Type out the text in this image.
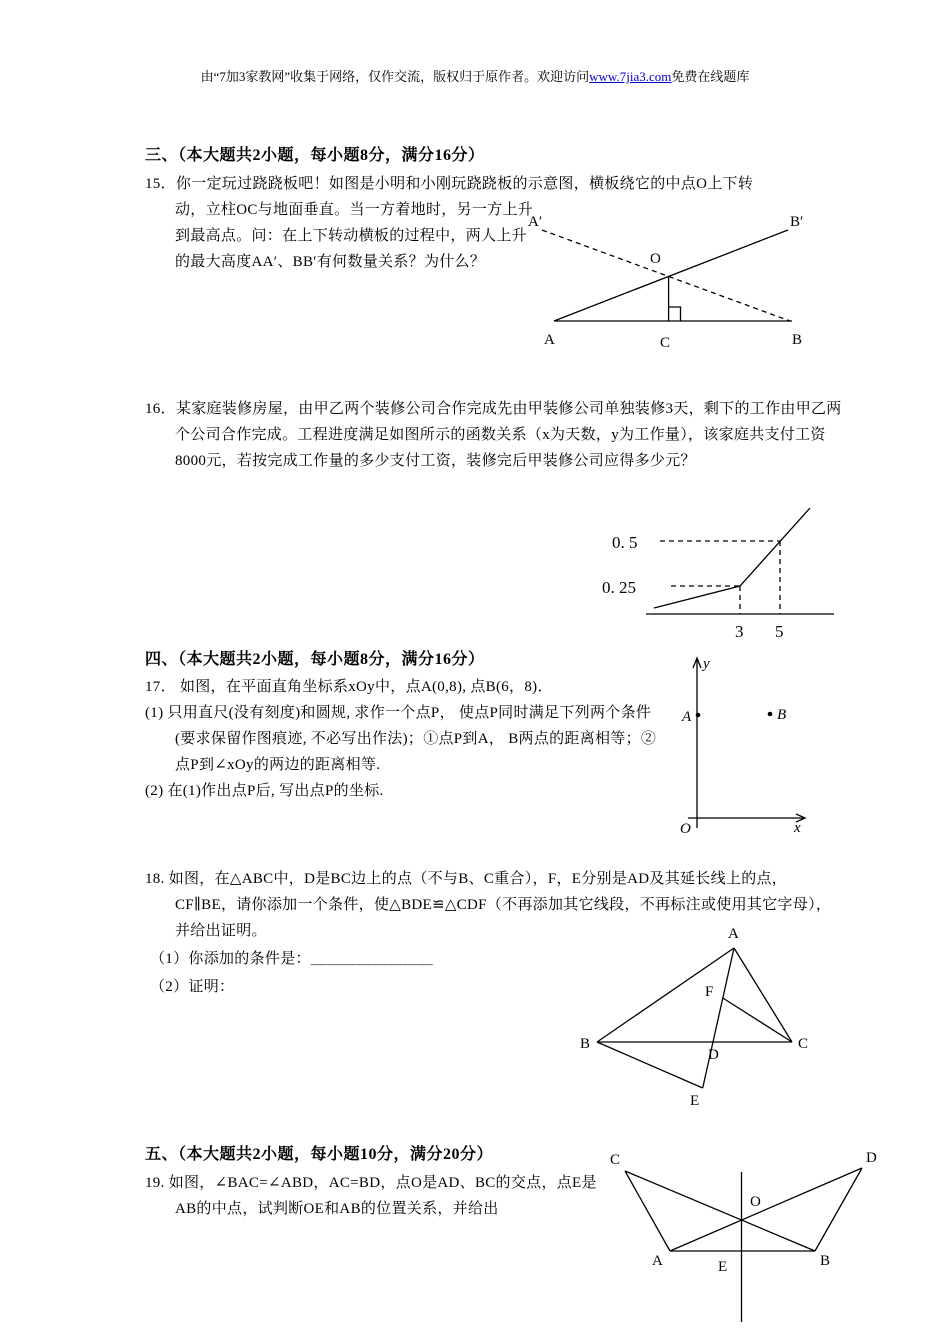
由“7加3家教网”收集于网络，仅作交流，版权归于原作者。欢迎访问www.7jia3.com免费在线题库
三、（本大题共2小题，每小题8分，满分16分）
15．你一定玩过跷跷板吧！如图是小明和小刚玩跷跷板的示意图，横板绕它的中点O上下转
动，立柱OC与地面垂直。当一方着地时，另一方上升到最高点。问：在上下转动横板的过程中，两人上升的最大高度AA′、BB′有何数量关系？为什么？
A′	B′
O
A	C	B
16．某家庭装修房屋，由甲乙两个装修公司合作完成先由甲装修公司单独装修3天，剩下的工作由甲乙两个公司合作完成。工程进度满足如图所示的函数关系（x为天数，y为工作量），该家庭共支付工资8000元，若按完成工作量的多少支付工资，装修完后甲装修公司应得多少元？
0. 5
0. 25
3 5
四、（本大题共2小题，每小题8分，满分16分）
17． 如图，在平面直角坐标系xOy中，点A(0,8), 点B(6，8)．
(1) 只用直尺(没有刻度)和圆规, 求作一个点P， 使点P同时满足下列两个条件(要求保留作图痕迹, 不必写出作法)；①点P到A， B两点的距离相等；②点P到∠xOy的两边的距离相等.
(2) 在(1)作出点P后, 写出点P的坐标.
y
x
O
A	B
18. 如图，在△ABC中，D是BC边上的点（不与B、C重合），F，E分别是AD及其延长线上的点，CF∥BE，请你添加一个条件，使△BDE≌△CDF（不再添加其它线段，不再标注或使用其它字母）， 并给出证明。
（1）你添加的条件是：＿＿＿＿＿＿＿＿
（2）证明：
A
F
B
D
C
E
五、（本大题共2小题，每小题10分，满分20分）
19. 如图，∠BAC=∠ABD，AC=BD，点O是AD、BC的交点，点E是AB的中点，试判断OE和AB的位置关系，并给出
C	D
O
A	E	B
